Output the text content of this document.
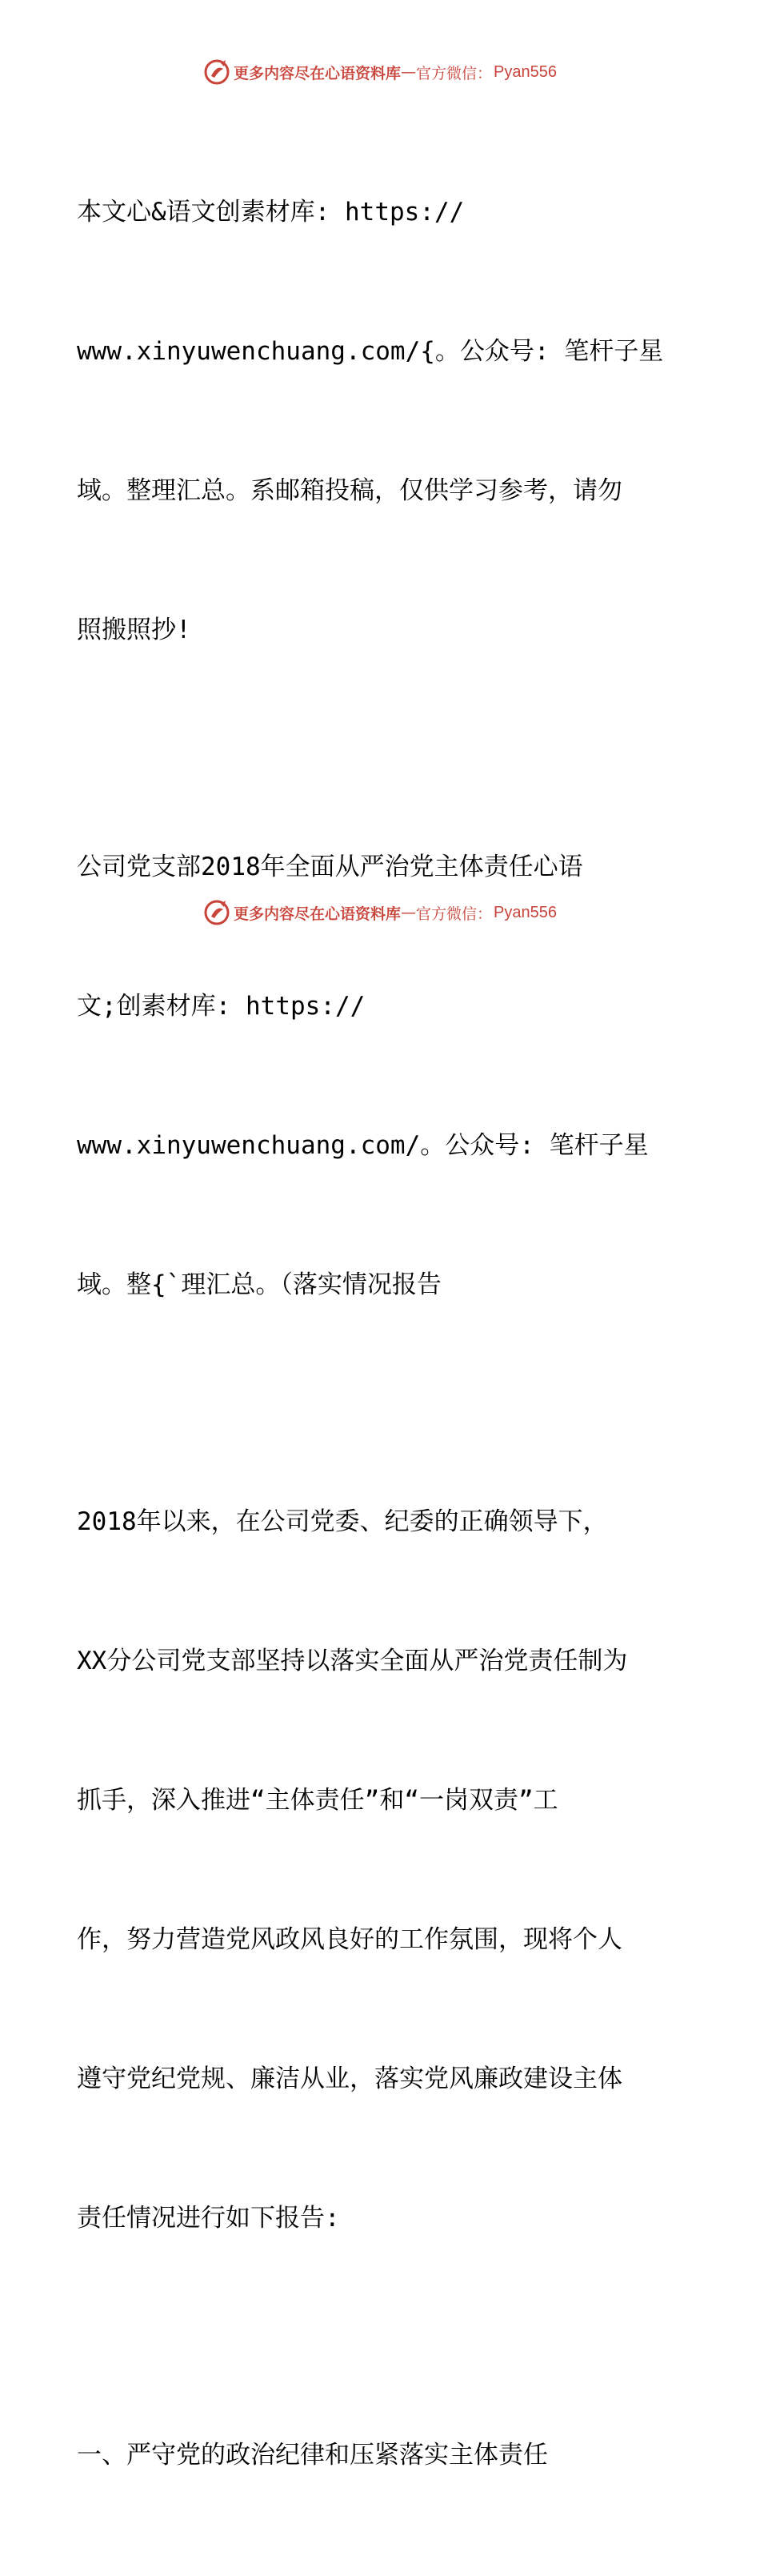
更多内容尽在心语资料库 — 官方微信： Pyan556

本文心&语文创素材库: https://

www.xinyuwenchuang.com/{。公众号: 笔杆子星

域。整理汇总。系邮箱投稿，仅供学习参考，请勿

照搬照抄!

公司党支部2018年全面从严治党主体责任心语

文;创素材库: https://

www.xinyuwenchuang.com/。公众号: 笔杆子星

域。整{`理汇总。（落实情况报告

2018年以来，在公司党委、纪委的正确领导下，

XX分公司党支部坚持以落实全面从严治党责任制为

抓手，深入推进“主体责任”和“一岗双责”工

作，努力营造党风政风良好的工作氛围，现将个人

遵守党纪党规、廉洁从业，落实党风廉政建设主体

责任情况进行如下报告:

一、严守党的政治纪律和压紧落实主体责任

更多内容尽在心语资料库 — 官方微信： Pyan556
